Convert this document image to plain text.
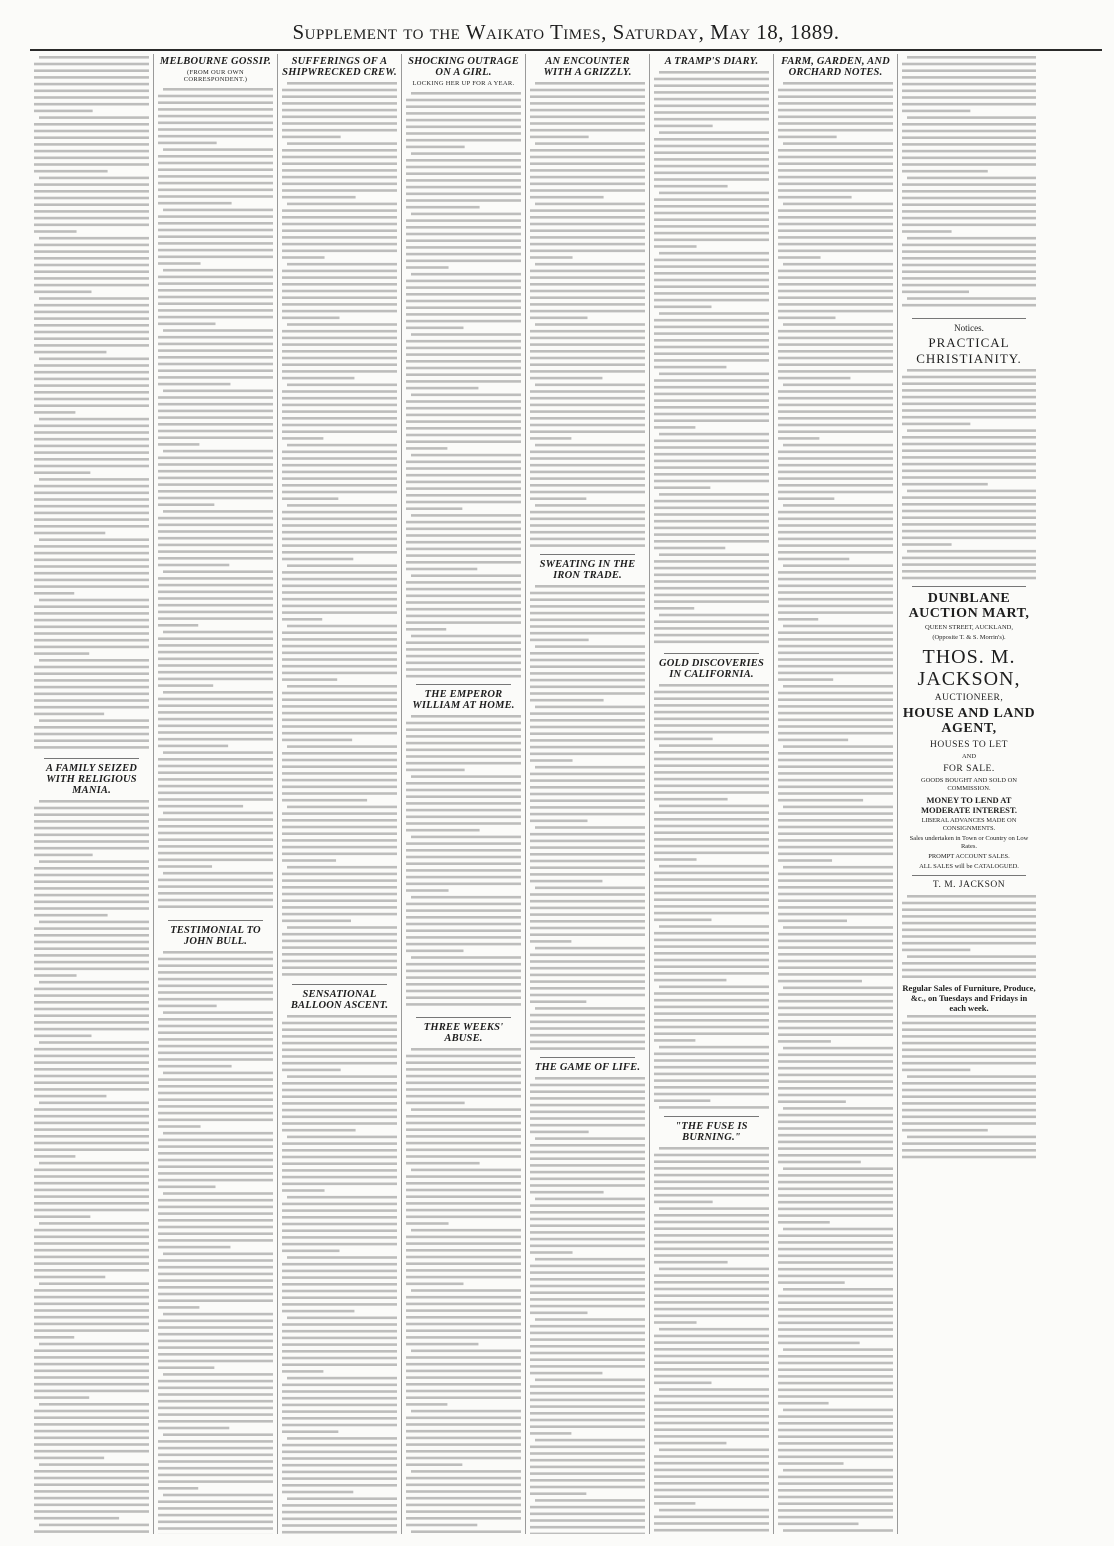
Supplement to the Waikato Times, Saturday, May 18, 1889.
A FAMILY SEIZED WITH RELIGIOUS MANIA.
MELBOURNE GOSSIP.
(FROM OUR OWN CORRESPONDENT.)
TESTIMONIAL TO JOHN BULL.
SUFFERINGS OF A SHIPWRECKED CREW.
SENSATIONAL BALLOON ASCENT.
SHOCKING OUTRAGE ON A GIRL.
LOCKING HER UP FOR A YEAR.
THE EMPEROR WILLIAM AT HOME.
THREE WEEKS' ABUSE.
AN ENCOUNTER WITH A GRIZZLY.
SWEATING IN THE IRON TRADE.
THE GAME OF LIFE.
A TRAMP'S DIARY.
GOLD DISCOVERIES IN CALIFORNIA.
"THE FUSE IS BURNING."
FARM, GARDEN, AND ORCHARD NOTES.
Notices.
PRACTICAL CHRISTIANITY.
DUNBLANE AUCTION MART,
QUEEN STREET, AUCKLAND,
(Opposite T. & S. Morrin's).
THOS. M. JACKSON,
AUCTIONEER,
HOUSE AND LAND AGENT,
HOUSES TO LET
AND
FOR SALE.
GOODS BOUGHT AND SOLD ON COMMISSION.
MONEY TO LEND AT MODERATE INTEREST.
LIBERAL ADVANCES MADE ON CONSIGNMENTS.
Sales undertaken in Town or Country on Low Rates.
PROMPT ACCOUNT SALES.
ALL SALES will be CATALOGUED.
T. M. JACKSON
Regular Sales of Furniture, Produce, &c., on Tuesdays and Fridays in each week.
